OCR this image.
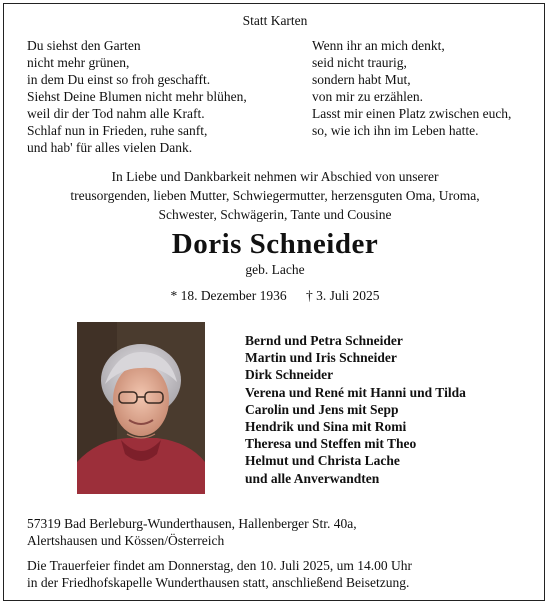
Statt Karten
Du siehst den Garten
nicht mehr grünen,
in dem Du einst so froh geschafft.
Siehst Deine Blumen nicht mehr blühen,
weil dir der Tod nahm alle Kraft.
Schlaf nun in Frieden, ruhe sanft,
und hab' für alles vielen Dank.
Wenn ihr an mich denkt,
seid nicht traurig,
sondern habt Mut,
von mir zu erzählen.
Lasst mir einen Platz zwischen euch,
so, wie ich ihn im Leben hatte.
In Liebe und Dankbarkeit nehmen wir Abschied von unserer
treusorgenden, lieben Mutter, Schwiegermutter, herzensguten Oma, Uroma,
Schwester, Schwägerin, Tante und Cousine
Doris Schneider
geb. Lache
* 18. Dezember 1936 † 3. Juli 2025
Bernd und Petra Schneider
Martin und Iris Schneider
Dirk Schneider
Verena und René mit Hanni und Tilda
Carolin und Jens mit Sepp
Hendrik und Sina mit Romi
Theresa und Steffen mit Theo
Helmut und Christa Lache
und alle Anverwandten
57319 Bad Berleburg-Wunderthausen, Hallenberger Str. 40a,
Alertshausen und Kössen/Österreich
Die Trauerfeier findet am Donnerstag, den 10. Juli 2025, um 14.00 Uhr
in der Friedhofskapelle Wunderthausen statt, anschließend Beisetzung.
